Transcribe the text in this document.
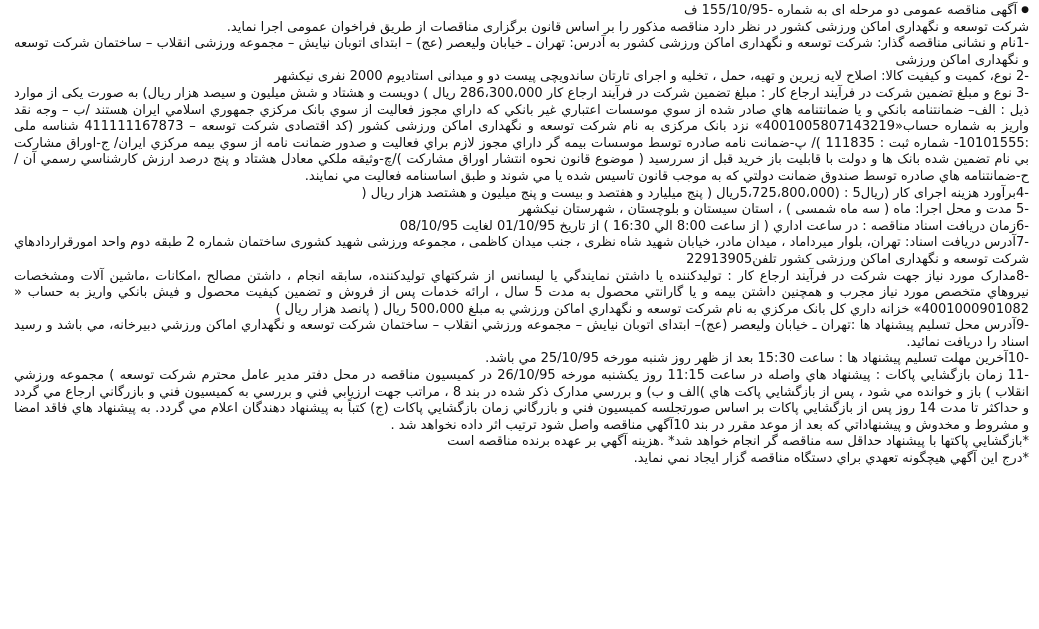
● آگهی مناقصه عمومی دو مرحله ای به شماره -155/10/95 ف

شرکت توسعه و نگهداری اماکن ورزشی کشور در نظر دارد مناقصه مذکور را بر اساس قانون برگزاری مناقصات از طریق فراخوان عمومی اجرا نماید.

-1نام و نشانی مناقصه گذار: شرکت توسعه و نگهداری اماکن ورزشی کشور به آدرس: تهران ـ خیابان ولیعصر (عج) – ابتدای اتوبان نیایش – مجموعه ورزشی انقلاب – ساختمان شرکت توسعه و نگهداری اماکن ورزشی

-2 نوع، کمیت و کیفیت کالا: اصلاح لایه زیرین و تهیه، حمل ، تخلیه و اجرای تارتان ساندویچی پیست دو و میدانی استادیوم 2000 نفری نیکشهر

-3 نوع و مبلغ تضمین شرکت در فرآیند ارجاع کار : مبلغ تضمین شرکت در فرآیند ارجاع کار 286،300،000 ریال ) دویست و هشتاد و شش میلیون و سیصد هزار ریال) به صورت یکی از موارد ذیل : الف– ضمانتنامه بانکي و یا ضمانتنامه هاي صادر شده از سوي موسسات اعتباري غیر بانکي که داراي مجوز فعالیت از سوي بانک مرکزي جمهوري اسلامي ایران هستند /ب – وجه نقد واریز به شماره حساب«4001005807143219» نزد بانک مرکزی به نام شرکت توسعه و نگهداری اماکن ورزشی کشور (کد اقتصادی شرکت توسعه – 411111167873 شناسه ملی :10101555- شماره ثبت : 111835 )/ پ-ضمانت نامه صادره توسط موسسات بیمه گر داراي مجوز لازم براي فعالیت و صدور ضمانت نامه از سوي بیمه مرکزي ایران/ ج-اوراق مشارکت بي نام تضمین شده بانک ها و دولت با قابلیت باز خرید قبل از سررسید ( موضوع قانون نحوه انتشار اوراق مشارکت )/چ-وثیقه ملکي معادل هشتاد و پنج درصد ارزش کارشناسي رسمي آن / ح-ضمانتنامه هاي صادره توسط صندوق ضمانت دولتي که به موجب قانون تاسیس شده یا مي شوند و طبق اساسنامه فعالیت مي نمایند.

-4برآورد هزینه اجرای کار (ریال5 : (5،725،800،000ریال ( پنج میلیارد و هفتصد و بیست و پنج میلیون و هشتصد هزار ریال (

-5 مدت و محل اجرا: ماه ( سه ماه شمسی ) ، استان سیستان و بلوچستان ، شهرستان نیکشهر

-6زمان دریافت اسناد مناقصه : در ساعت اداري ( از ساعت 8:00 الي 16:30 ) از تاریخ 01/10/95 لغایت 08/10/95

-7آدرس دریافت اسناد: تهران، بلوار میرداماد ، میدان مادر، خیابان شهید شاه نظری ، جنب میدان کاظمی ، مجموعه ورزشی شهید کشوری ساختمان شماره 2 طبقه دوم واحد امورقراردادهاي شرکت توسعه و نگهداری اماکن ورزشی کشور تلفن22913905

-8مدارک مورد نیاز جهت شرکت در فرآیند ارجاع کار : تولیدکننده یا داشتن نمایندگي یا لیسانس از شرکتهاي تولیدکننده، سابقه انجام ، داشتن مصالح ،امکانات ،ماشین آلات ومشخصات نیروهاي متخصص مورد نیاز مجرب و همچنین داشتن بیمه و یا گارانتي محصول به مدت 5 سال ، ارائه خدمات پس از فروش و تضمین کیفیت محصول و فیش بانکي واریز به حساب « 4001000901082» خزانه داري کل بانک مرکزي به نام شرکت توسعه و نگهداري اماکن ورزشي به مبلغ 500،000 ریال ( پانصد هزار ریال )

-9آدرس محل تسلیم پیشنهاد ها :تهران ـ خیابان ولیعصر (عج)– ابتدای اتوبان نیایش – مجموعه ورزشي انقلاب – ساختمان شرکت توسعه و نگهداري اماکن ورزشي دبیرخانه، مي باشد و رسید اسناد را دریافت نمائید.

-10آخرین مهلت تسلیم پیشنهاد ها : ساعت 15:30 بعد از ظهر روز شنبه مورخه 25/10/95 مي باشد.

-11 زمان بازگشایي پاکات : پیشنهاد هاي واصله در ساعت 11:15 روز یکشنبه مورخه 26/10/95 در کمیسیون مناقصه در محل دفتر مدیر عامل محترم شرکت توسعه ) مجموعه ورزشي انقلاب ) باز و خوانده مي شود ، پس از بازگشایي پاکت هاي )الف و ب) و بررسي مدارک ذکر شده در بند 8 ، مراتب جهت ارزیابي فني و بررسي به کمیسیون فني و بازرگاني ارجاع مي گردد و حداکثر تا مدت 14 روز پس از بازگشایي پاکات بر اساس صورتجلسه کمیسیون فني و بازرگاني زمان بازگشایي پاکات (ج) کتباً به پیشنهاد دهندگان اعلام مي گردد. به پیشنهاد هاي فاقد امضا و مشروط و مخدوش و پیشنهاداتي که بعد از موعد مقرر در بند 10آگهي مناقصه واصل شود ترتیب اثر داده نخواهد شد .

*بازگشایي پاکتها با پیشنهاد حداقل سه مناقصه گر انجام خواهد شد* .هزینه آگهي بر عهده برنده مناقصه است

*درج این آگهي هیچگونه تعهدي براي دستگاه مناقصه گزار ایجاد نمي نماید.
